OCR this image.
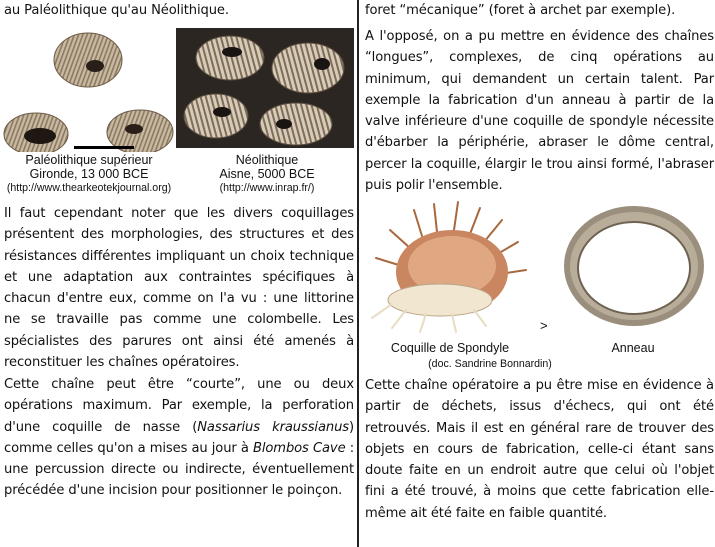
au Paléolithique qu'au Néolithique.

Paléolithique supérieur

Gironde, 13 000 BCE

(http://www.thearkeotekjournal.org)

Néolithique

Aisne, 5000 BCE

(http://www.inrap.fr/)

Il faut cependant noter que les divers coquillages présentent des morphologies, des structures et des résistances différentes impliquant un choix technique et une adaptation aux contraintes spécifiques à chacun d'entre eux, comme on l'a vu : une littorine ne se travaille pas comme une colombelle. Les spécialistes des parures ont ainsi été amenés à reconstituer les chaînes opératoires.

Cette chaîne peut être “courte”, une ou deux opérations maximum. Par exemple, la perforation d'une coquille de nasse (Nassarius kraussianus) comme celles qu'on a mises au jour à Blombos Cave : une percussion directe ou indirecte, éventuellement précédée d'une incision pour positionner le poinçon.

foret “mécanique” (foret à archet par exemple).

A l'opposé, on a pu mettre en évidence des chaînes “longues”, complexes, de cinq opérations au minimum, qui demandent un certain talent. Par exemple la fabrication d'un anneau à partir de la valve inférieure d'une coquille de spondyle nécessite d'ébarber la périphérie, abraser le dôme central, percer la coquille, élargir le trou ainsi formé, l'abraser puis polir l'ensemble.

>

Coquille de Spondyle	Anneau

(doc. Sandrine Bonnardin)

Cette chaîne opératoire a pu être mise en évidence à partir de déchets, issus d'échecs, qui ont été retrouvés. Mais il est en général rare de trouver des objets en cours de fabrication, celle-ci étant sans doute faite en un endroit autre que celui où l'objet fini a été trouvé, à moins que cette fabrication elle-même ait été faite en faible quantité.
